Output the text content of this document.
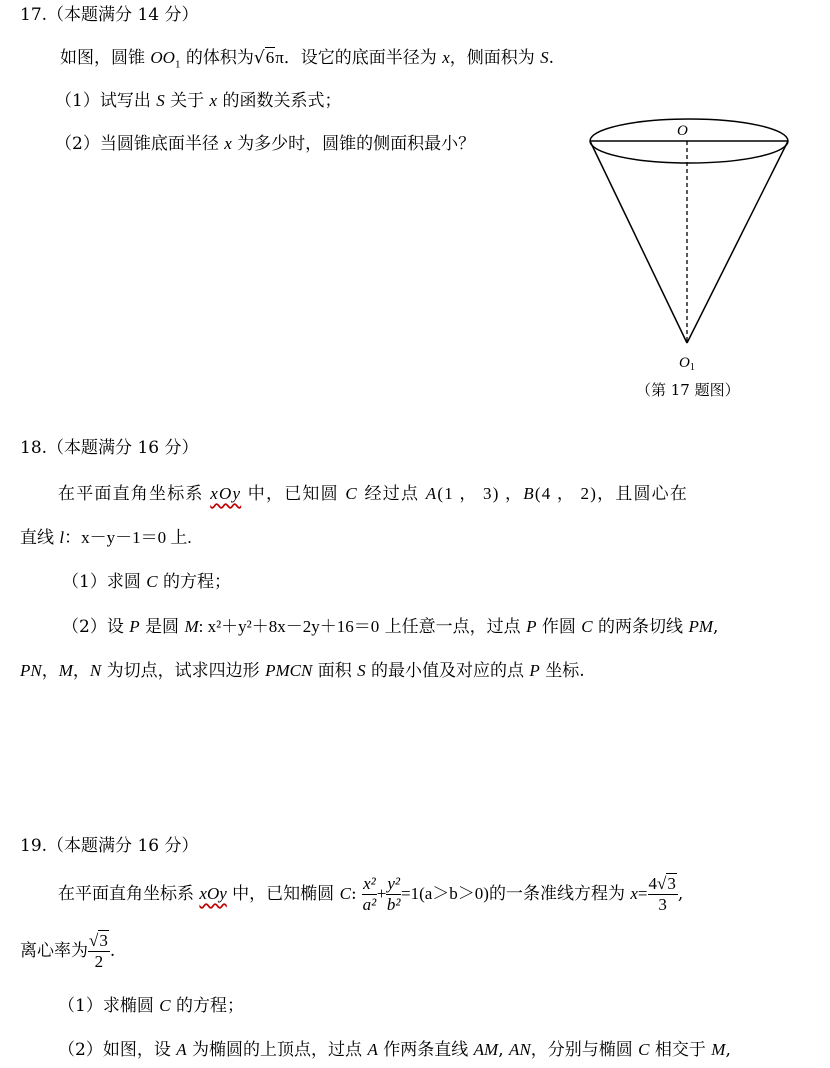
17.（本题满分 14 分）
如图，圆锥 $OO_1$ 的体积为√6π．设它的底面半径为 x，侧面积为 S.
（1）试写出 S 关于 x 的函数关系式；
（2）当圆锥底面半径 x 为多少时，圆锥的侧面积最小？
O
$O_1$
（第 17 题图）
18.（本题满分 16 分）
在平面直角坐标系 xOy 中，已知圆 C 经过点 A(1 ， 3) ，B(4 ， 2)，且圆心在
直线 l：x－y－1＝0 上.
（1）求圆 C 的方程；
（2）设 P 是圆 M: x²＋y²＋8x－2y＋16＝0 上任意一点，过点 P 作圆 C 的两条切线 PM,
PN，M，N 为切点，试求四边形 PMCN 面积 S 的最小值及对应的点 P 坐标.
19.（本题满分 16 分）
在平面直角坐标系 xOy 中，已知椭圆 C: $\frac{\text{x²}}{\text{a²}} + \frac{\text{y²}}{\text{b²}} =1(a>b>0)$的一条准线方程为 $x= \frac{4√3}{3}$ ,
离心率为 $\frac{√3}{2}$ .
（1）求椭圆 C 的方程；
（2）如图，设 A 为椭圆的上顶点，过点 A 作两条直线 AM, AN，分别与椭圆 C 相交于 M,
